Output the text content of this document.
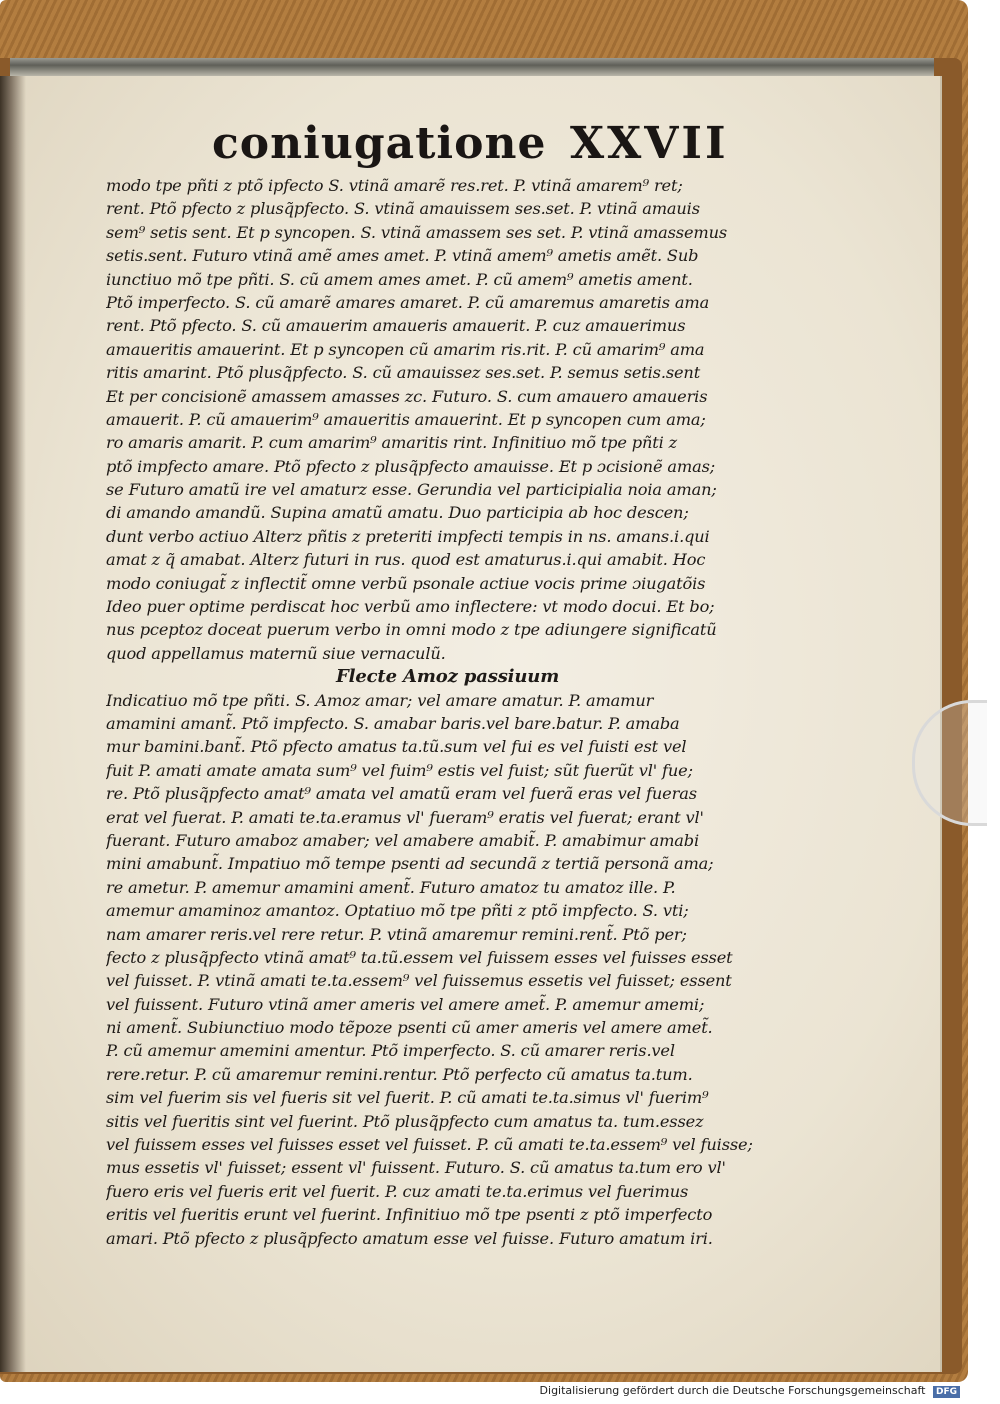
coniugatione XXVII
modo tpe pñti z ptõ ipfecto S. vtinã amarẽ res.ret. P. vtinã amarem⁹ ret;
rent. Ptõ pfecto z plusq̃pfecto. S. vtinã amauissem ses.set. P. vtinã amauis
sem⁹ setis sent. Et p syncopen. S. vtinã amassem ses set. P. vtinã amassemus
setis.sent. Futuro vtinã amẽ ames amet. P. vtinã amem⁹ ametis amẽt. Sub
iunctiuo mõ tpe pñti. S. cũ amem ames amet. P. cũ amem⁹ ametis ament.
Ptõ imperfecto. S. cũ amarẽ amares amaret. P. cũ amaremus amaretis ama
rent. Ptõ pfecto. S. cũ amauerim amaueris amauerit. P. cuz amauerimus
amaueritis amauerint. Et p syncopen cũ amarim ris.rit. P. cũ amarim⁹ ama
ritis amarint. Ptõ plusq̃pfecto. S. cũ amauissez ses.set. P. semus setis.sent
Et per concisionẽ amassem amasses zc. Futuro. S. cum amauero amaueris
amauerit. P. cũ amauerim⁹ amaueritis amauerint. Et p syncopen cum ama;
ro amaris amarit. P. cum amarim⁹ amaritis rint. Infinitiuo mõ tpe pñti z
ptõ impfecto amare. Ptõ pfecto z plusq̃pfecto amauisse. Et p ɔcisionẽ amas;
se Futuro amatũ ire vel amaturz esse. Gerundia vel participialia noia aman;
di amando amandũ. Supina amatũ amatu. Duo participia ab hoc descen;
dunt verbo actiuo Alterz pñtis z preteriti impfecti tempis in ns. amans.i.qui
amat z q̃ amabat. Alterz futuri in rus. quod est amaturus.i.qui amabit. Hoc
modo coniugat̃ z inflectit̃ omne verbũ psonale actiue vocis prime ɔiugatõis
Ideo puer optime perdiscat hoc verbũ amo inflectere: vt modo docui. Et bo;
nus pceptoz doceat puerum verbo in omni modo z tpe adiungere significatũ
quod appellamus maternũ siue vernaculũ.
Flecte Amoz passiuum
Indicatiuo mõ tpe pñti. S. Amoz amar; vel amare amatur. P. amamur
amamini amant̃. Ptõ impfecto. S. amabar baris.vel bare.batur. P. amaba
mur bamini.bant̃. Ptõ pfecto amatus ta.tũ.sum vel fui es vel fuisti est vel
fuit P. amati amate amata sum⁹ vel fuim⁹ estis vel fuist; sũt fuerũt vl' fue;
re. Ptõ plusq̃pfecto amat⁹ amata vel amatũ eram vel fuerã eras vel fueras
erat vel fuerat. P. amati te.ta.eramus vl' fueram⁹ eratis vel fuerat; erant vl'
fuerant. Futuro amaboz amaber; vel amabere amabit̃. P. amabimur amabi
mini amabunt̃. Impatiuo mõ tempe psenti ad secundã z tertiã personã ama;
re ametur. P. amemur amamini ament̃. Futuro amatoz tu amatoz ille. P.
amemur amaminoz amantoz. Optatiuo mõ tpe pñti z ptõ impfecto. S. vti;
nam amarer reris.vel rere retur. P. vtinã amaremur remini.rent̃. Ptõ per;
fecto z plusq̃pfecto vtinã amat⁹ ta.tũ.essem vel fuissem esses vel fuisses esset
vel fuisset. P. vtinã amati te.ta.essem⁹ vel fuissemus essetis vel fuisset; essent
vel fuissent. Futuro vtinã amer ameris vel amere amet̃. P. amemur amemi;
ni ament̃. Subiunctiuo modo tẽpoze psenti cũ amer ameris vel amere amet̃.
P. cũ amemur amemini amentur. Ptõ imperfecto. S. cũ amarer reris.vel
rere.retur. P. cũ amaremur remini.rentur. Ptõ perfecto cũ amatus ta.tum.
sim vel fuerim sis vel fueris sit vel fuerit. P. cũ amati te.ta.simus vl' fuerim⁹
sitis vel fueritis sint vel fuerint. Ptõ plusq̃pfecto cum amatus ta. tum.essez
vel fuissem esses vel fuisses esset vel fuisset. P. cũ amati te.ta.essem⁹ vel fuisse;
mus essetis vl' fuisset; essent vl' fuissent. Futuro. S. cũ amatus ta.tum ero vl'
fuero eris vel fueris erit vel fuerit. P. cuz amati te.ta.erimus vel fuerimus
eritis vel fueritis erunt vel fuerint. Infinitiuo mõ tpe psenti z ptõ imperfecto
amari. Ptõ pfecto z plusq̃pfecto amatum esse vel fuisse. Futuro amatum iri.
Digitalisierung gefördert durch die Deutsche Forschungsgemeinschaft DFG
